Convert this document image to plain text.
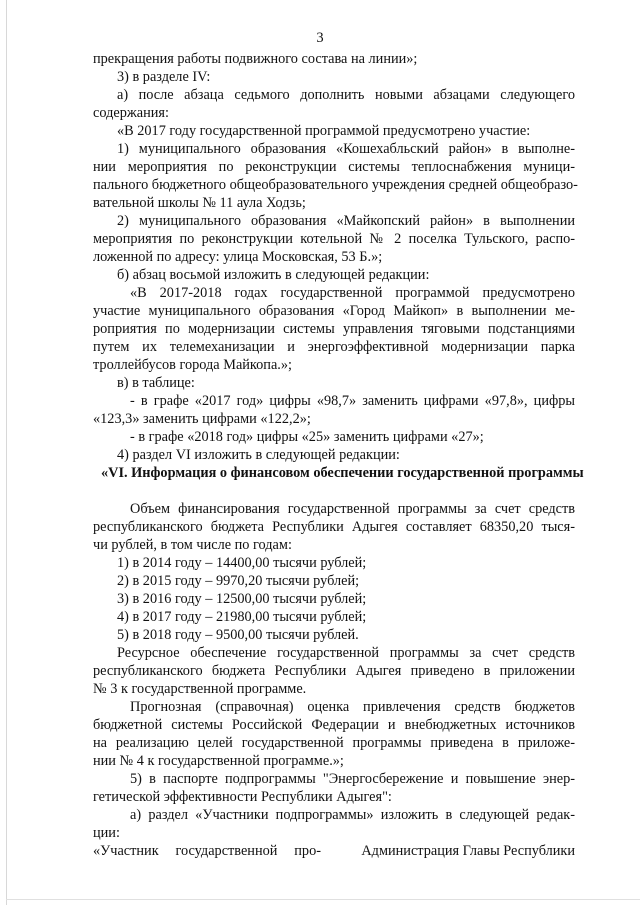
3
прекращения работы подвижного состава на линии»;
3) в разделе IV:
а) после абзаца седьмого дополнить новыми абзацами следующего
содержания:
«В 2017 году государственной программой предусмотрено участие:
1) муниципального образования «Кошехабльский район» в выполне-
нии мероприятия по реконструкции системы теплоснабжения муници-
пального бюджетного общеобразовательного учреждения средней общеобразо-
вательной школы № 11 аула Ходзь;
2) муниципального образования «Майкопский район» в выполнении
мероприятия по реконструкции котельной № 2 поселка Тульского, распо-
ложенной по адресу: улица Московская, 53 Б.»;
б) абзац восьмой изложить в следующей редакции:
«В 2017-2018 годах государственной программой предусмотрено
участие муниципального образования «Город Майкоп» в выполнении ме-
роприятия по модернизации системы управления тяговыми подстанциями
путем их телемеханизации и энергоэффективной модернизации парка
троллейбусов города Майкопа.»;
в) в таблице:
- в графе «2017 год» цифры «98,7» заменить цифрами «97,8», цифры
«123,3» заменить цифрами «122,2»;
- в графе «2018 год» цифры «25» заменить цифрами «27»;
4) раздел VI изложить в следующей редакции:
«VI. Информация о финансовом обеспечении государственной программы
Объем финансирования государственной программы за счет средств
республиканского бюджета Республики Адыгея составляет 68350,20 тыся-
чи рублей, в том числе по годам:
1) в 2014 году – 14400,00 тысячи рублей;
2) в 2015 году – 9970,20 тысячи рублей;
3) в 2016 году – 12500,00 тысячи рублей;
4) в 2017 году – 21980,00 тысячи рублей;
5) в 2018 году – 9500,00 тысячи рублей.
Ресурсное обеспечение государственной программы за счет средств
республиканского бюджета Республики Адыгея приведено в приложении
№ 3 к государственной программе.
Прогнозная (справочная) оценка привлечения средств бюджетов
бюджетной системы Российской Федерации и внебюджетных источников
на реализацию целей государственной программы приведена в приложе-
нии № 4 к государственной программе.»;
5) в паспорте подпрограммы "Энергосбережение и повышение энер-
гетической эффективности Республики Адыгея":
а) раздел «Участники подпрограммы» изложить в следующей редак-
ции:
«Участник государственной про-	Администрация Главы Республики
